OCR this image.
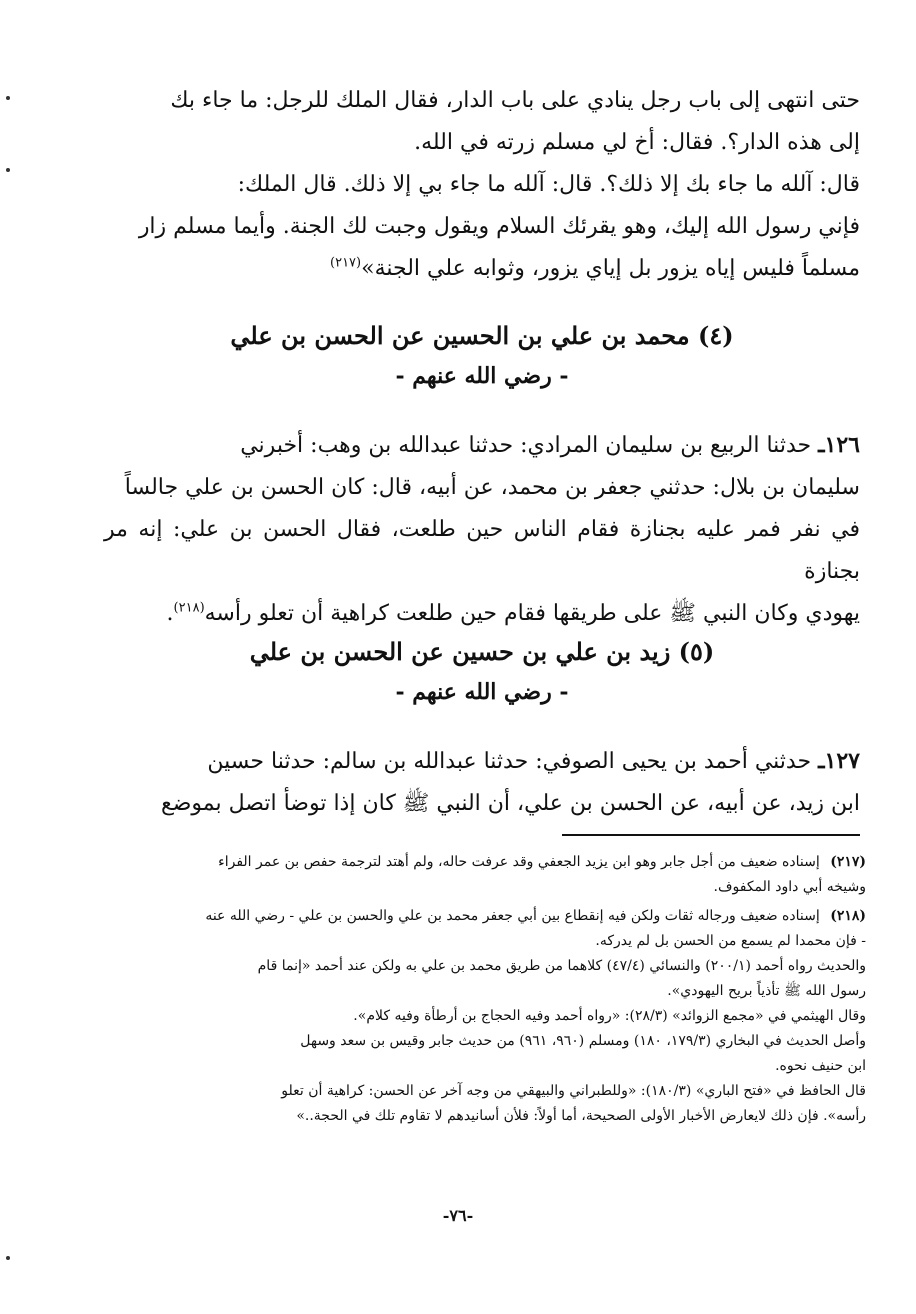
حتى انتهى إلى باب رجل ينادي على باب الدار، فقال الملك للرجل: ما جاء بك
إلى هذه الدار؟. فقال: أخ لي مسلم زرته في الله.
قال: آلله ما جاء بك إلا ذلك؟. قال: آلله ما جاء بي إلا ذلك. قال الملك:
فإني رسول الله إليك، وهو يقرئك السلام ويقول وجبت لك الجنة. وأيما مسلم زار
مسلماً فليس إياه يزور بل إياي يزور، وثوابه علي الجنة»$^{(٢١٧)}$
(٤) محمد بن علي بن الحسين عن الحسن بن علي
- رضي الله عنهم -
١٢٦ـ حدثنا الربيع بن سليمان المرادي: حدثنا عبدالله بن وهب: أخبرني
سليمان بن بلال: حدثني جعفر بن محمد، عن أبيه، قال: كان الحسن بن علي جالساً
في نفر فمر عليه بجنازة فقام الناس حين طلعت، فقال الحسن بن علي: إنه مر بجنازة
يهودي وكان النبي ﷺ على طريقها فقام حين طلعت كراهية أن تعلو رأسه$^{(٢١٨)}$.
(٥) زيد بن علي بن حسين عن الحسن بن علي
- رضي الله عنهم -
١٢٧ـ حدثني أحمد بن يحيى الصوفي: حدثنا عبدالله بن سالم: حدثنا حسين
ابن زيد، عن أبيه، عن الحسن بن علي، أن النبي ﷺ كان إذا توضأ اتصل بموضع
(٢١٧) إسناده ضعيف من أجل جابر وهو ابن يزيد الجعفي وقد عرفت حاله، ولم أهتد لترجمة حفص بن عمر الفراء
وشيخه أبي داود المكفوف.
(٢١٨) إسناده ضعيف ورجاله ثقات ولكن فيه إنقطاع بين أبي جعفر محمد بن علي والحسن بن علي - رضي الله عنه
- فإن محمدا لم يسمع من الحسن بل لم يدركه.
والحديث رواه أحمد (٢٠٠/١) والنسائي (٤٧/٤) كلاهما من طريق محمد بن علي به ولكن عند أحمد «إنما قام
رسول الله ﷺ تأذياً بريح اليهودي».
وقال الهيثمي في «مجمع الزوائد» (٢٨/٣): «رواه أحمد وفيه الحجاج بن أرطأة وفيه كلام».
وأصل الحديث في البخاري (١٧٩/٣، ١٨٠) ومسلم (٩٦٠، ٩٦١) من حديث جابر وقيس بن سعد وسهل
ابن حنيف نحوه.
قال الحافظ في «فتح الباري» (١٨٠/٣): «وللطبراني والبيهقي من وجه آخر عن الحسن: كراهية أن تعلو
رأسه». فإن ذلك لايعارض الأخبار الأولى الصحيحة، أما أولاً: فلأن أسانيدهم لا تقاوم تلك في الحجة..»
-٧٦-
